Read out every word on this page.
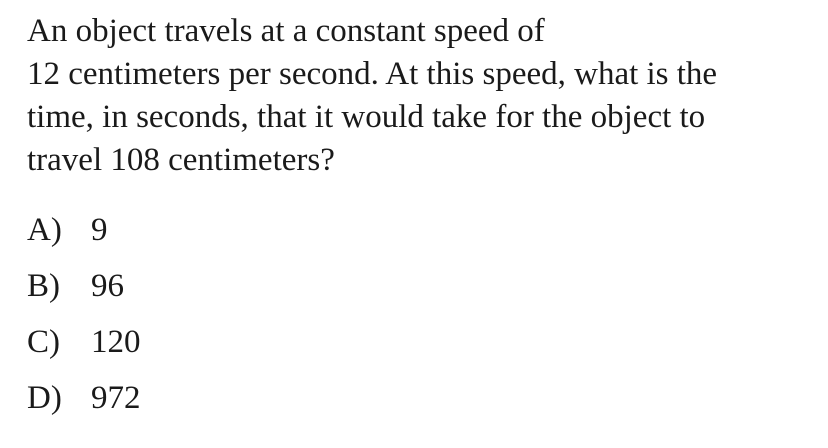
An object travels at a constant speed of
12 centimeters per second. At this speed, what is the
time, in seconds, that it would take for the object to
travel 108 centimeters?
A) 9
B) 96
C) 120
D) 972
